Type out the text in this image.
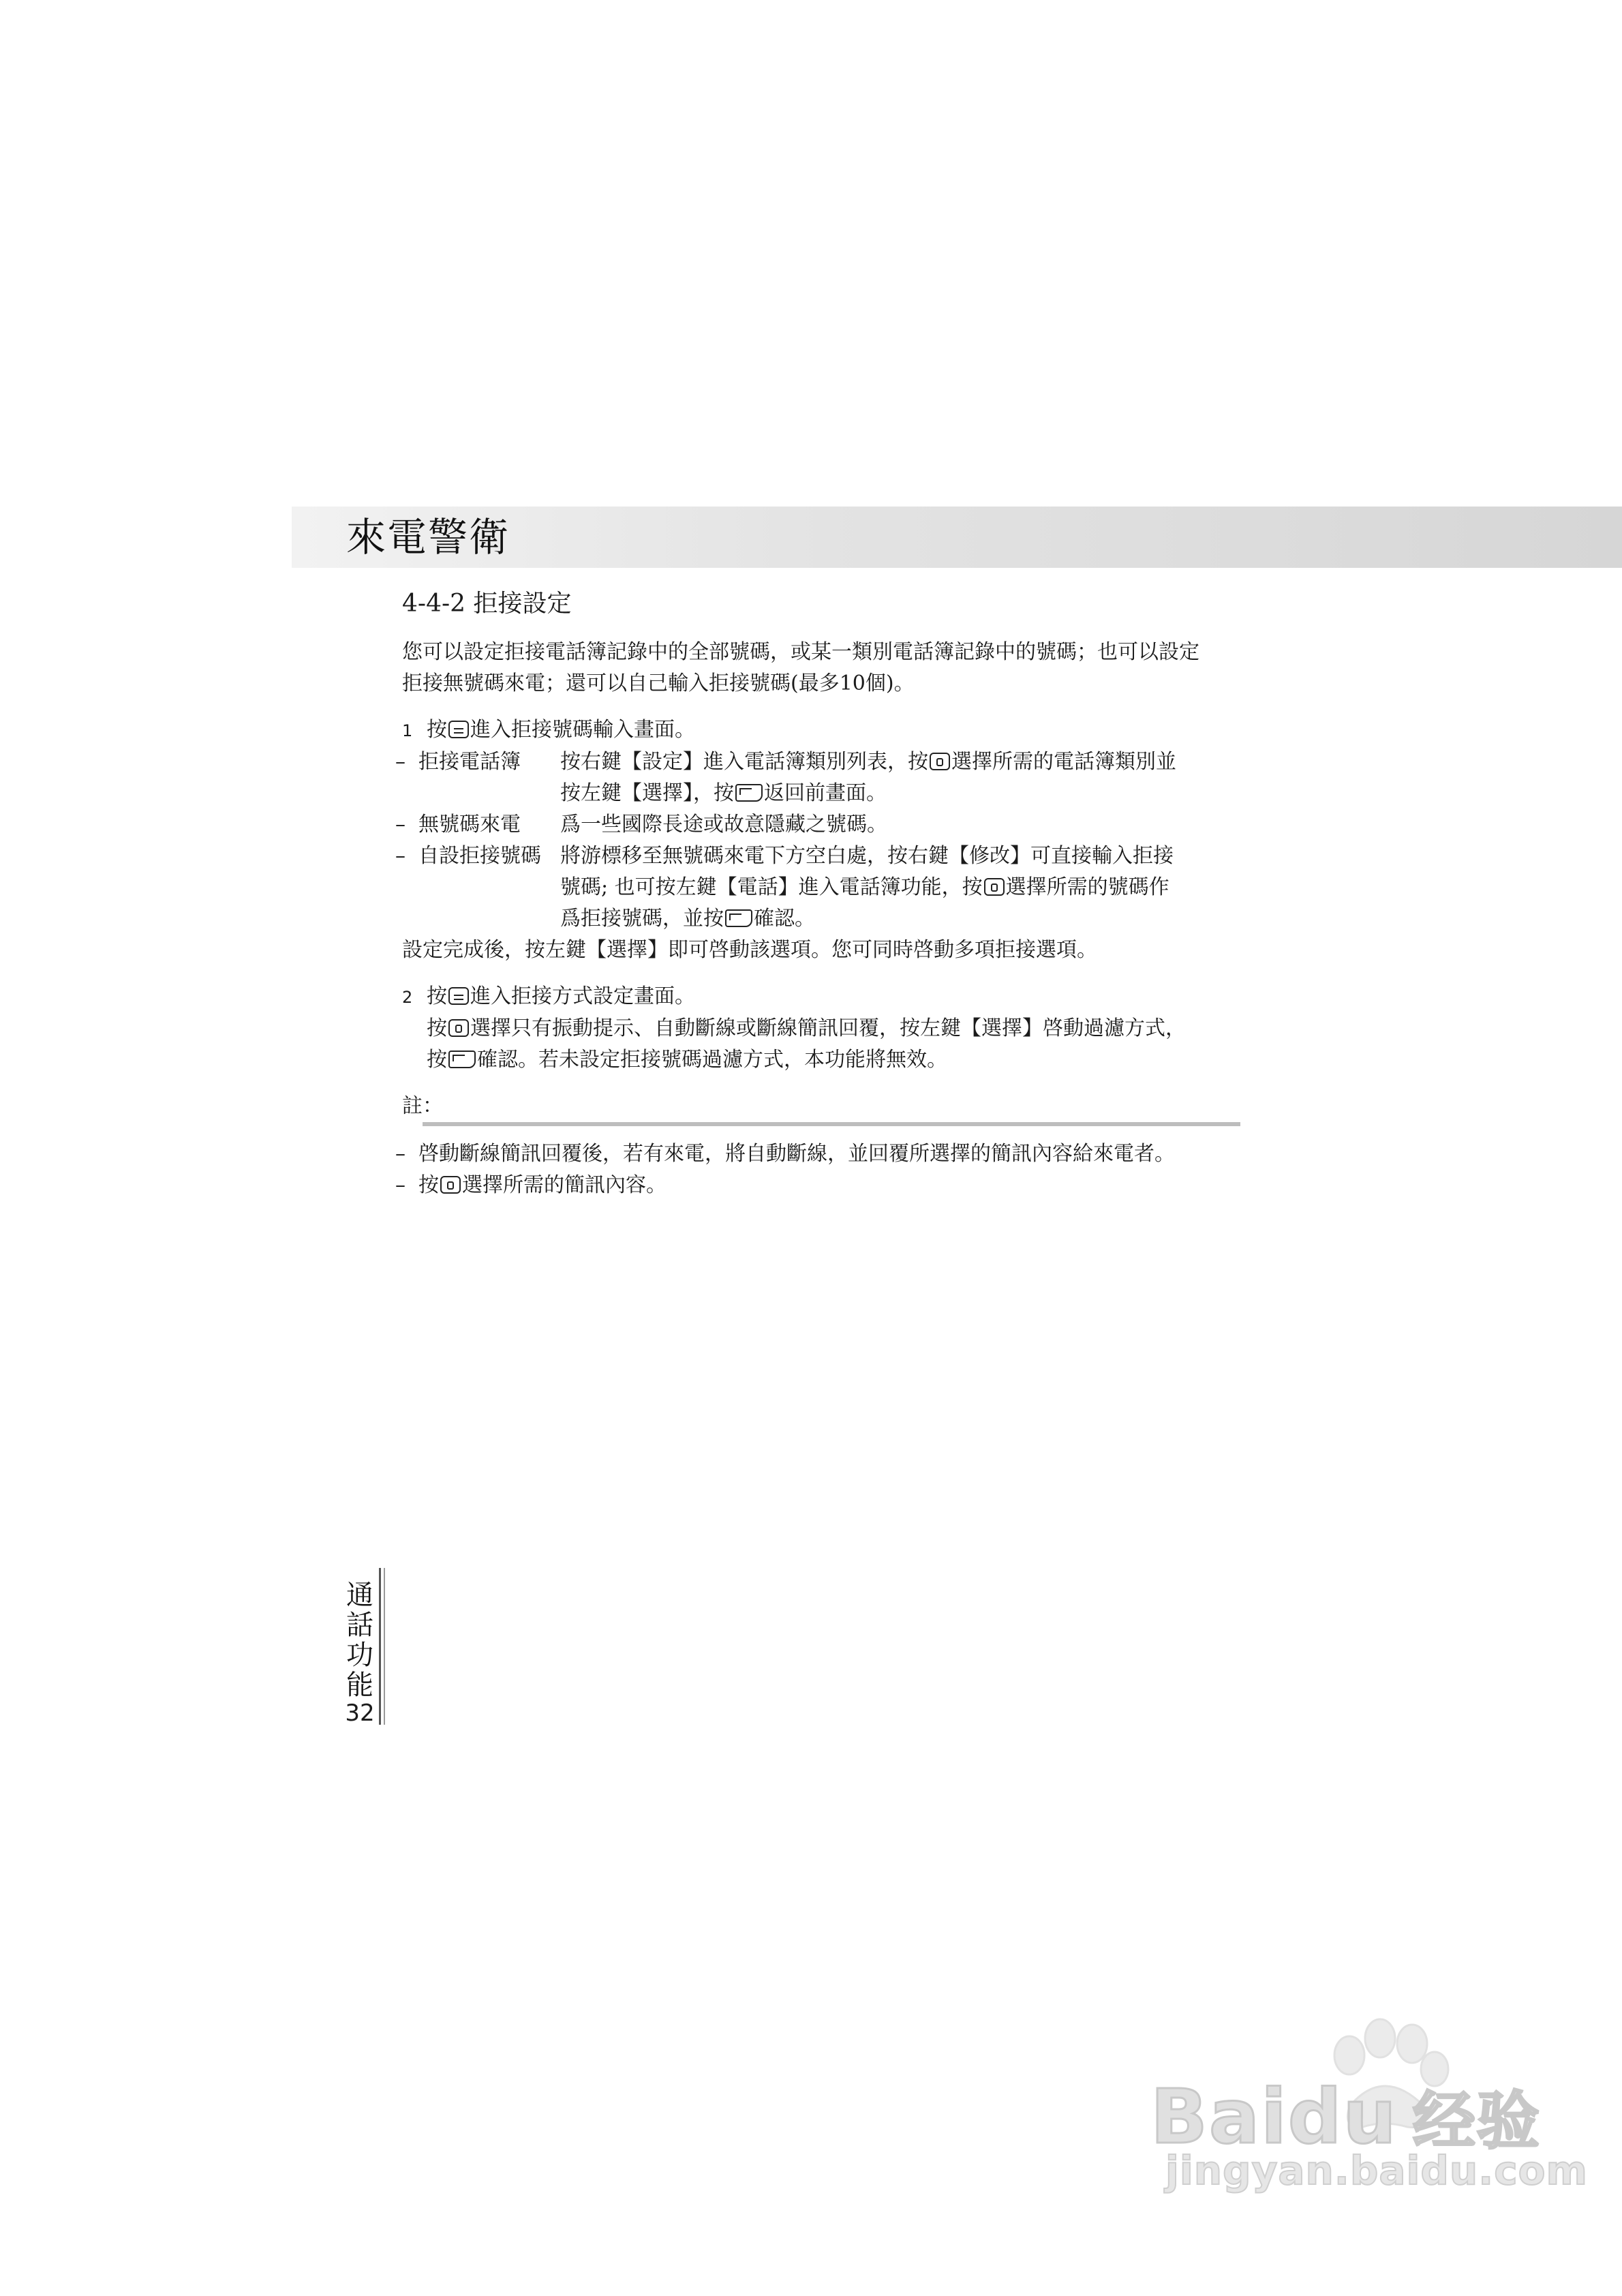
來電警衛
4-4-2 拒接設定

您可以設定拒接電話簿記錄中的全部號碼，或某一類別電話簿記錄中的號碼；也可以設定

拒接無號碼來電；還可以自己輸入拒接號碼(最多10個)。

1 按 進入拒接號碼輸入畫面。
– 拒接電話簿	按右鍵【設定】進入電話簿類別列表，按 選擇所需的電話簿類別並
按左鍵【選擇】，按 返回前畫面。
– 無號碼來電	爲一些國際長途或故意隱藏之號碼。
– 自設拒接號碼 將游標移至無號碼來電下方空白處，按右鍵【修改】可直接輸入拒接
號碼; 也可按左鍵【電話】進入電話簿功能，按 選擇所需的號碼作
爲拒接號碼，並按 確認。

設定完成後，按左鍵【選擇】即可啓動該選項。您可同時啓動多項拒接選項。

2 按 進入拒接方式設定畫面。

按 選擇只有振動提示、自動斷線或斷線簡訊回覆，按左鍵【選擇】啓動過濾方式，

按 確認。若未設定拒接號碼過濾方式，本功能將無效。

註：
– 啓動斷線簡訊回覆後，若有來電，將自動斷線，並回覆所選擇的簡訊內容給來電者。
– 按 選擇所需的簡訊內容。
通
話
功
能
32
Baidu 经验
jingyan.baidu.com
